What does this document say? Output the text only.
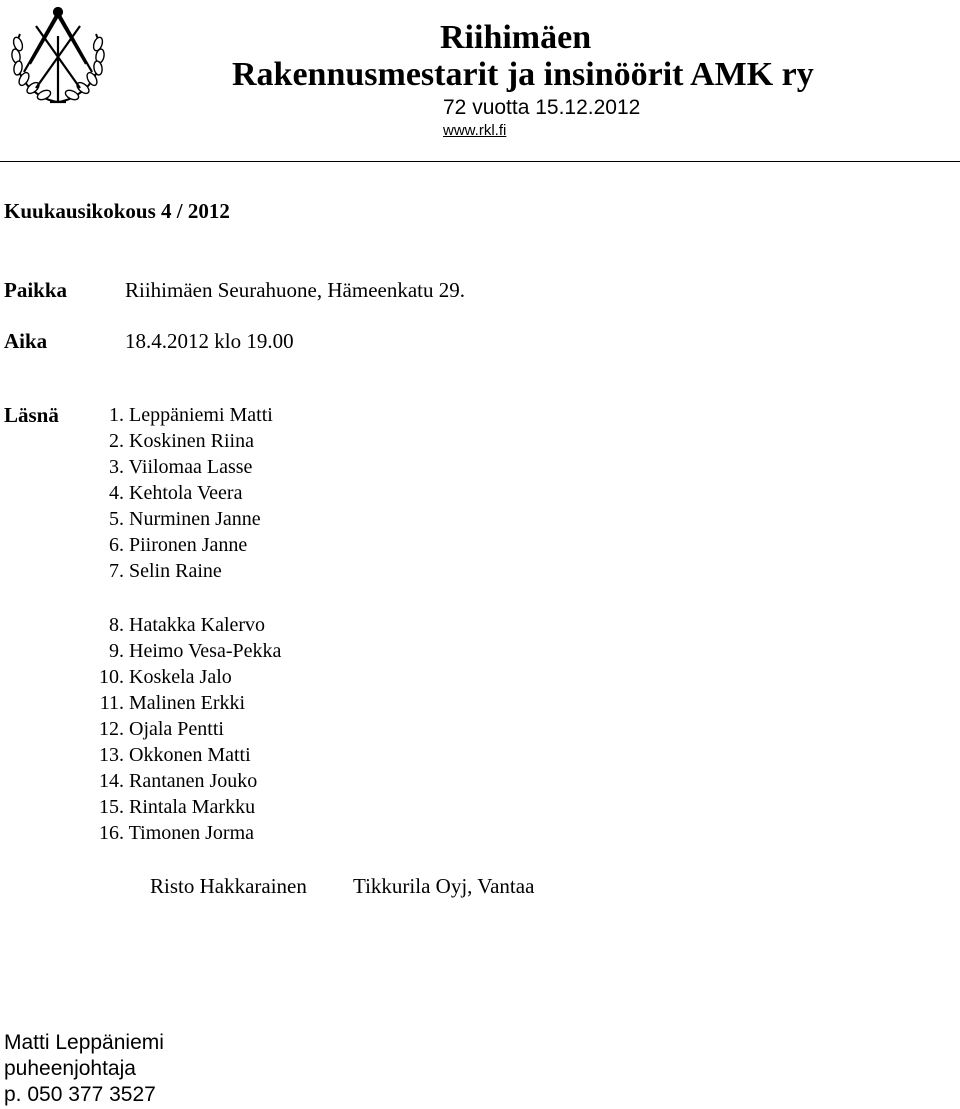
Riihimäen
Rakennusmestarit ja insinöörit AMK ry
72 vuotta 15.12.2012
www.rkl.fi
Kuukausikokous 4 / 2012
Paikka	Riihimäen Seurahuone, Hämeenkatu 29.
Aika	18.4.2012 klo 19.00
Läsnä	1. Leppäniemi Matti
2. Koskinen Riina
3. Viilomaa Lasse
4. Kehtola Veera
5. Nurminen Janne
6. Piironen Janne
7. Selin Raine
8. Hatakka Kalervo
9. Heimo Vesa-Pekka
10. Koskela Jalo
11. Malinen Erkki
12. Ojala Pentti
13. Okkonen Matti
14. Rantanen Jouko
15. Rintala Markku
16. Timonen Jorma
Risto Hakkarainen Tikkurila Oyj, Vantaa
Matti Leppäniemi
puheenjohtaja
p. 050 377 3527
